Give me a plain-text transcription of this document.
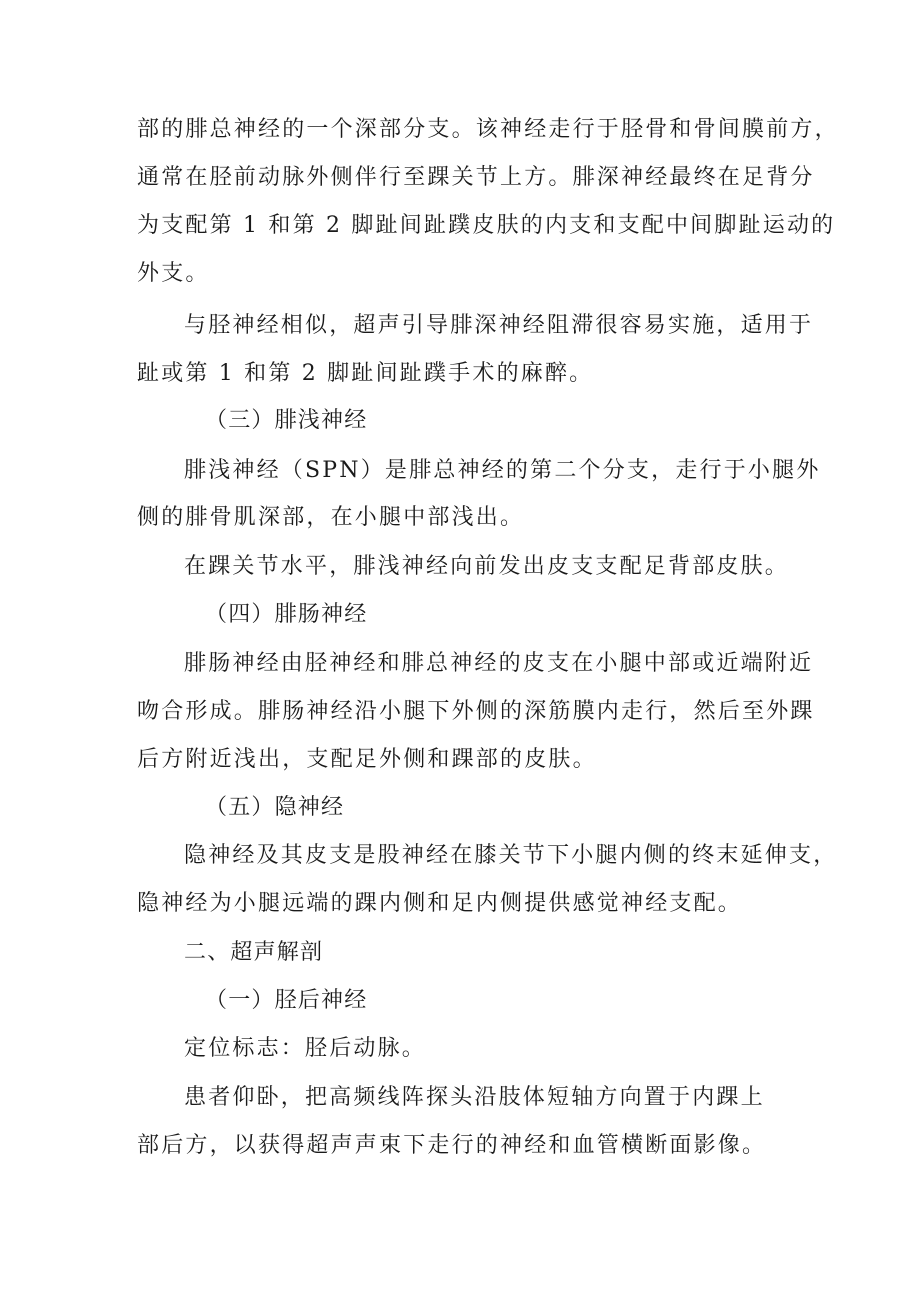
部的腓总神经的一个深部分支。该神经走行于胫骨和骨间膜前方，
通常在胫前动脉外侧伴行至踝关节上方。腓深神经最终在足背分
为支配第 1 和第 2 脚趾间趾蹼皮肤的内支和支配中间脚趾运动的
外支。
与胫神经相似，超声引导腓深神经阻滞很容易实施，适用于
趾或第 1 和第 2 脚趾间趾蹼手术的麻醉。
（三）腓浅神经
腓浅神经（SPN）是腓总神经的第二个分支，走行于小腿外
侧的腓骨肌深部，在小腿中部浅出。
在踝关节水平，腓浅神经向前发出皮支支配足背部皮肤。
（四）腓肠神经
腓肠神经由胫神经和腓总神经的皮支在小腿中部或近端附近
吻合形成。腓肠神经沿小腿下外侧的深筋膜内走行，然后至外踝
后方附近浅出，支配足外侧和踝部的皮肤。
（五）隐神经
隐神经及其皮支是股神经在膝关节下小腿内侧的终末延伸支，
隐神经为小腿远端的踝内侧和足内侧提供感觉神经支配。
二、超声解剖
（一）胫后神经
定位标志：胫后动脉。
患者仰卧，把高频线阵探头沿肢体短轴方向置于内踝上
部后方，以获得超声声束下走行的神经和血管横断面影像。
